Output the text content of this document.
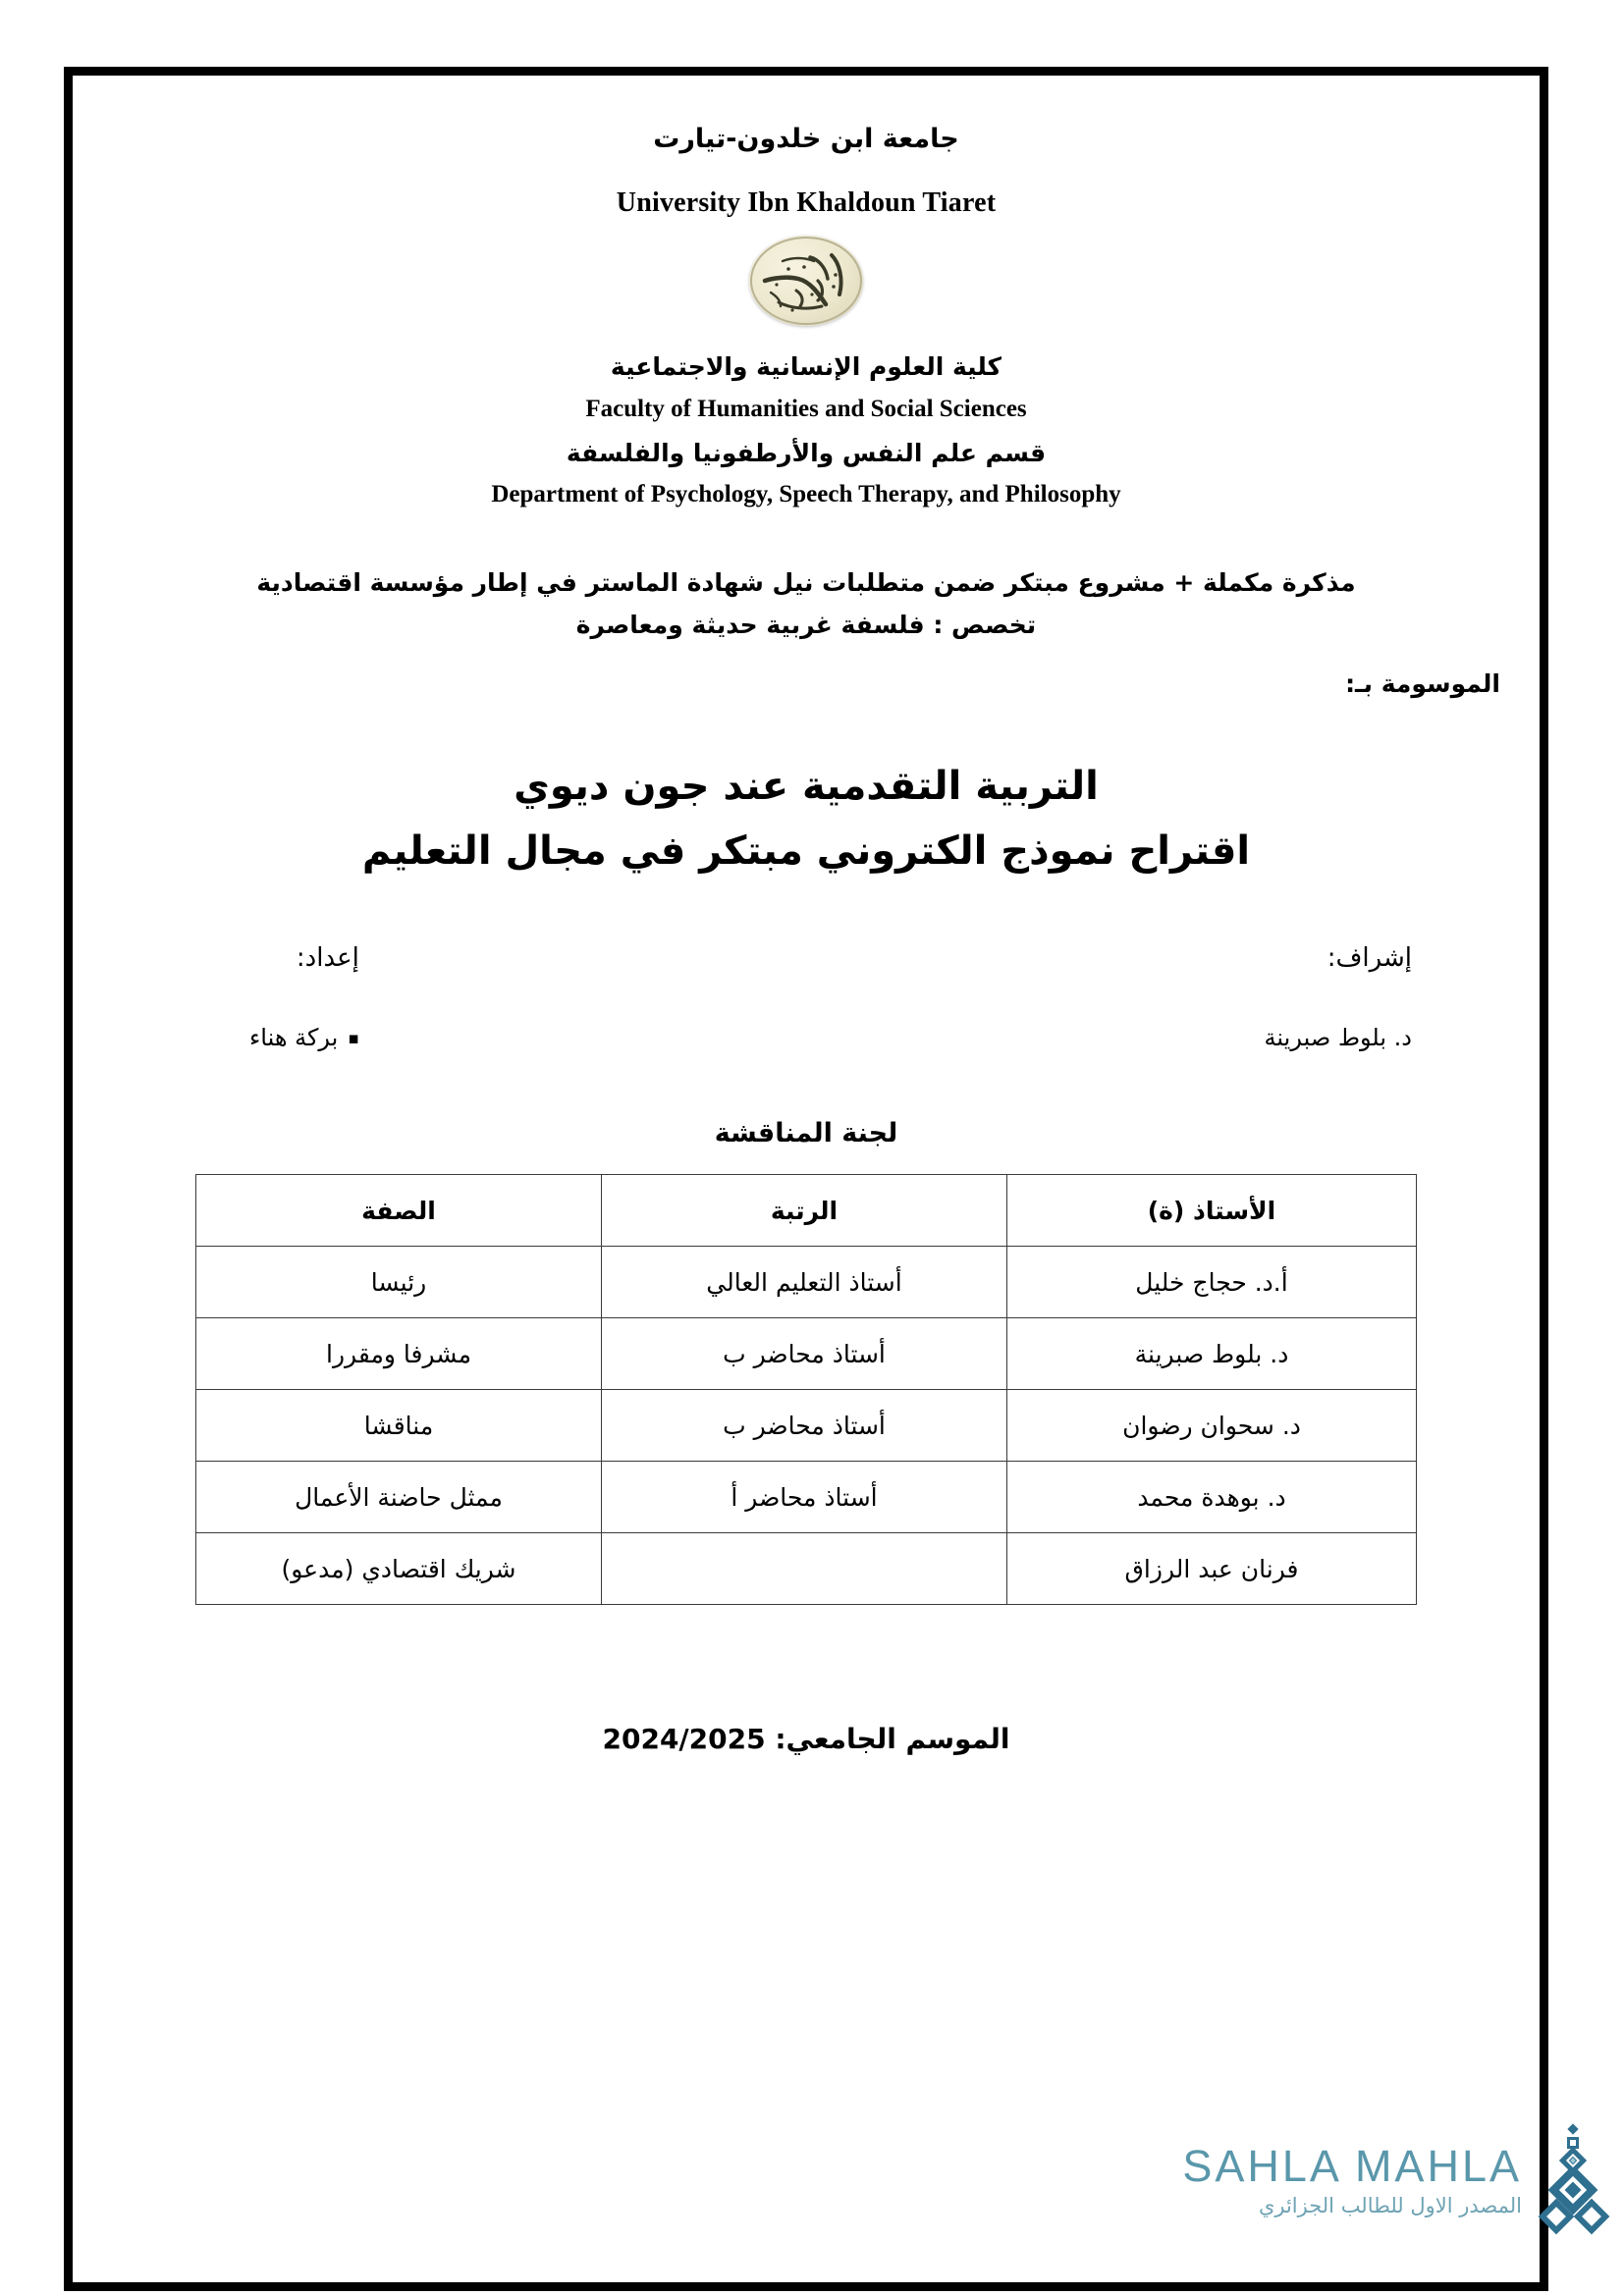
جامعة ابن خلدون-تيارت
University Ibn Khaldoun Tiaret
كلية العلوم الإنسانية والاجتماعية
Faculty of Humanities and Social Sciences
قسم علم النفس والأرطفونيا والفلسفة
Department of Psychology, Speech Therapy, and Philosophy
مذكرة مكملة + مشروع مبتكر ضمن متطلبات نيل شهادة الماستر في إطار مؤسسة اقتصادية
تخصص : فلسفة غربية حديثة ومعاصرة
الموسومة بـ:
التربية التقدمية عند جون ديوي
اقتراح نموذج الكتروني مبتكر في مجال التعليم
إعداد:
▪ بركة هناء
إشراف:
د. بلوط صبرينة
لجنة المناقشة
الأستاذ (ة)	الرتبة	الصفة
أ.د. حجاج خليل	أستاذ التعليم العالي	رئيسا
د. بلوط صبرينة	أستاذ محاضر ب	مشرفا ومقررا
د. سحوان رضوان	أستاذ محاضر ب	مناقشا
د. بوهدة محمد	أستاذ محاضر أ	ممثل حاضنة الأعمال
فرنان عبد الرزاق		شريك اقتصادي (مدعو)
الموسم الجامعي: 2024/2025
SAHLA MAHLA
المصدر الاول للطالب الجزائري
